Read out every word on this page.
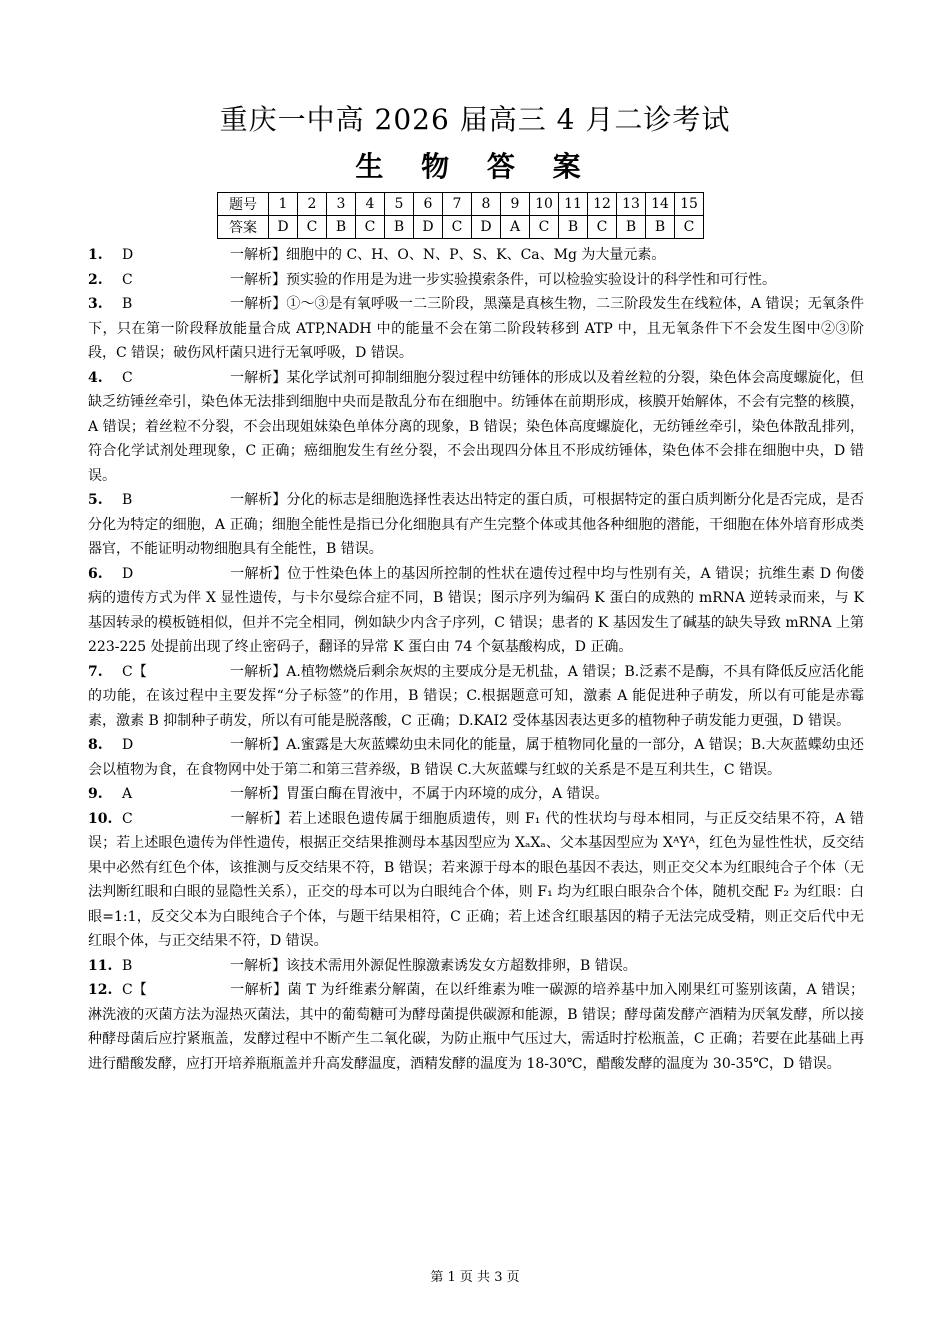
重庆一中高 2026 届高三 4 月二诊考试
生 物 答 案
题号	1	2	3	4	5	6	7	8	9	10	11	12	13	14	15
答案	D	C	B	C	B	D	C	D	A	C	B	C	B	B	C

1. D	一解析】细胞中的 C、H、O、N、P、S、K、Ca、Mg 为大量元素。

2. C	一解析】预实验的作用是为进一步实验摸索条件，可以检验实验设计的科学性和可行性。

3. B	一解析】①～③是有氧呼吸一二三阶段，黑藻是真核生物，二三阶段发生在线粒体，A 错误；无氧条件下，只在第一阶段释放能量合成 ATP,NADH 中的能量不会在第二阶段转移到 ATP 中，且无氧条件下不会发生图中②③阶段，C 错误；破伤风杆菌只进行无氧呼吸，D 错误。

4. C	一解析】某化学试剂可抑制细胞分裂过程中纺锤体的形成以及着丝粒的分裂，染色体会高度螺旋化，但缺乏纺锤丝牵引，染色体无法排到细胞中央而是散乱分布在细胞中。纺锤体在前期形成，核膜开始解体，不会有完整的核膜，A 错误；着丝粒不分裂，不会出现姐妹染色单体分离的现象，B 错误；染色体高度螺旋化，无纺锤丝牵引，染色体散乱排列，符合化学试剂处理现象，C 正确；癌细胞发生有丝分裂，不会出现四分体且不形成纺锤体，染色体不会排在细胞中央，D 错误。

5. B	一解析】分化的标志是细胞选择性表达出特定的蛋白质，可根据特定的蛋白质判断分化是否完成，是否分化为特定的细胞，A 正确；细胞全能性是指已分化细胞具有产生完整个体或其他各种细胞的潜能，干细胞在体外培育形成类器官，不能证明动物细胞具有全能性，B 错误。

6. D	一解析】位于性染色体上的基因所控制的性状在遗传过程中均与性别有关，A 错误；抗维生素 D 佝偻病的遗传方式为伴 X 显性遗传，与卡尔曼综合症不同，B 错误；图示序列为编码 K 蛋白的成熟的 mRNA 逆转录而来，与 K 基因转录的模板链相似，但并不完全相同，例如缺少内含子序列，C 错误；患者的 K 基因发生了碱基的缺失导致 mRNA 上第 223-225 处提前出现了终止密码子，翻译的异常 K 蛋白由 74 个氨基酸构成，D 正确。

7. C【	一解析】A.植物燃烧后剩余灰烬的主要成分是无机盐，A 错误；B.泛素不是酶，不具有降低反应活化能的功能，在该过程中主要发挥“分子标签”的作用，B 错误；C.根据题意可知，激素 A 能促进种子萌发，所以有可能是赤霉素，激素 B 抑制种子萌发，所以有可能是脱落酸，C 正确；D.KAI2 受体基因表达更多的植物种子萌发能力更强，D 错误。

8. D	一解析】A.蜜露是大灰蓝蝶幼虫未同化的能量，属于植物同化量的一部分，A 错误；B.大灰蓝蝶幼虫还会以植物为食，在食物网中处于第二和第三营养级，B 错误 C.大灰蓝蝶与红蚁的关系是不是互利共生，C 错误。

9. A	一解析】胃蛋白酶在胃液中，不属于内环境的成分，A 错误。

10. C	一解析】若上述眼色遗传属于细胞质遗传，则 F₁ 代的性状均与母本相同，与正反交结果不符，A 错误；若上述眼色遗传为伴性遗传，根据正交结果推测母本基因型应为 XₐXₐ、父本基因型应为 XᴬYᴬ，红色为显性性状，反交结果中必然有红色个体，该推测与反交结果不符，B 错误；若来源于母本的眼色基因不表达，则正交父本为红眼纯合子个体（无法判断红眼和白眼的显隐性关系），正交的母本可以为白眼纯合个体，则 F₁ 均为红眼白眼杂合个体，随机交配 F₂ 为红眼：白眼=1:1，反交父本为白眼纯合子个体，与题干结果相符，C 正确；若上述含红眼基因的精子无法完成受精，则正交后代中无红眼个体，与正交结果不符，D 错误。

11. B	一解析】该技术需用外源促性腺激素诱发女方超数排卵，B 错误。

12. C【	一解析】菌 T 为纤维素分解菌，在以纤维素为唯一碳源的培养基中加入刚果红可鉴别该菌，A 错误；淋洗液的灭菌方法为湿热灭菌法，其中的葡萄糖可为酵母菌提供碳源和能源，B 错误；酵母菌发酵产酒精为厌氧发酵，所以接种酵母菌后应拧紧瓶盖，发酵过程中不断产生二氧化碳，为防止瓶中气压过大，需适时拧松瓶盖，C 正确；若要在此基础上再进行醋酸发酵，应打开培养瓶瓶盖并升高发酵温度，酒精发酵的温度为 18-30℃，醋酸发酵的温度为 30-35℃，D 错误。

第 1 页 共 3 页
